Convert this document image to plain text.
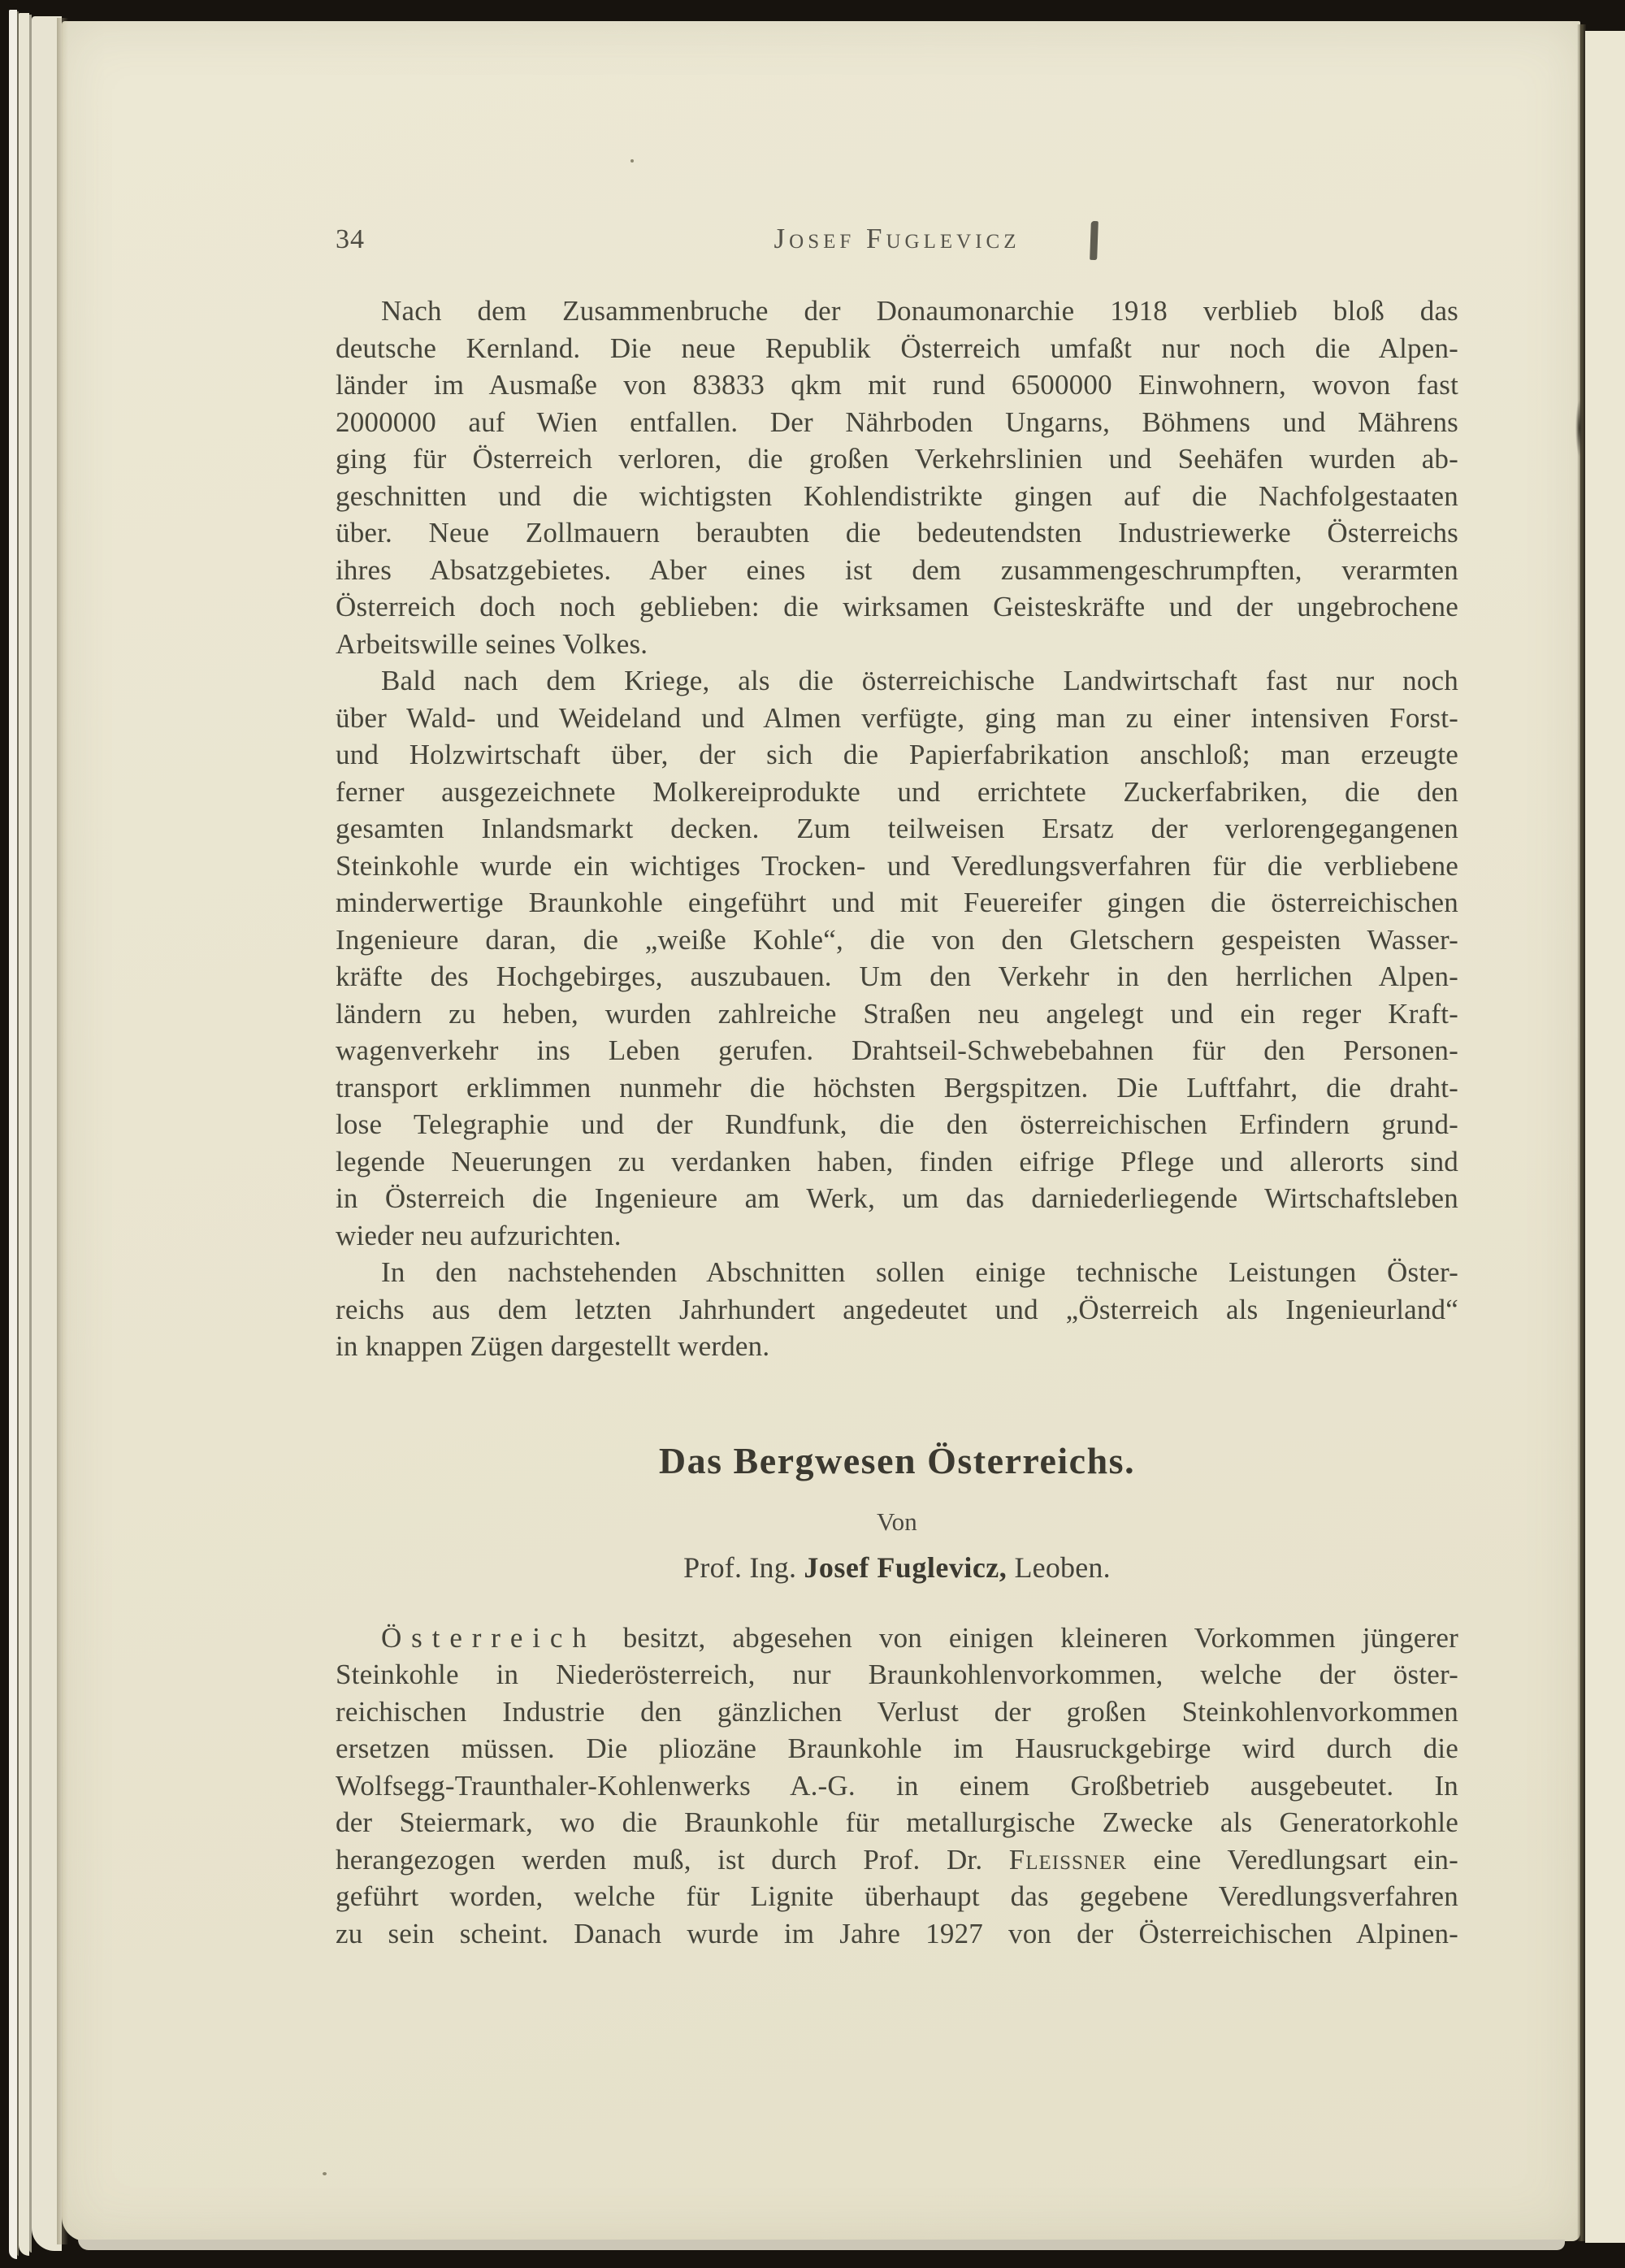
34	Josef Fuglevicz
Nach dem Zusammenbruche der Donaumonarchie 1918 verblieb bloß das
deutsche Kernland. Die neue Republik Österreich umfaßt nur noch die Alpen-
länder im Ausmaße von 83833 qkm mit rund 6500000 Einwohnern, wovon fast
2000000 auf Wien entfallen. Der Nährboden Ungarns, Böhmens und Mährens
ging für Österreich verloren, die großen Verkehrslinien und Seehäfen wurden ab-
geschnitten und die wichtigsten Kohlendistrikte gingen auf die Nachfolgestaaten
über. Neue Zollmauern beraubten die bedeutendsten Industriewerke Österreichs
ihres Absatzgebietes. Aber eines ist dem zusammengeschrumpften, verarmten
Österreich doch noch geblieben: die wirksamen Geisteskräfte und der ungebrochene
Arbeitswille seines Volkes.
Bald nach dem Kriege, als die österreichische Landwirtschaft fast nur noch
über Wald- und Weideland und Almen verfügte, ging man zu einer intensiven Forst-
und Holzwirtschaft über, der sich die Papierfabrikation anschloß; man erzeugte
ferner ausgezeichnete Molkereiprodukte und errichtete Zuckerfabriken, die den
gesamten Inlandsmarkt decken. Zum teilweisen Ersatz der verlorengegangenen
Steinkohle wurde ein wichtiges Trocken- und Veredlungsverfahren für die verbliebene
minderwertige Braunkohle eingeführt und mit Feuereifer gingen die österreichischen
Ingenieure daran, die „weiße Kohle“, die von den Gletschern gespeisten Wasser-
kräfte des Hochgebirges, auszubauen. Um den Verkehr in den herrlichen Alpen-
ländern zu heben, wurden zahlreiche Straßen neu angelegt und ein reger Kraft-
wagenverkehr ins Leben gerufen. Drahtseil-Schwebebahnen für den Personen-
transport erklimmen nunmehr die höchsten Bergspitzen. Die Luftfahrt, die draht-
lose Telegraphie und der Rundfunk, die den österreichischen Erfindern grund-
legende Neuerungen zu verdanken haben, finden eifrige Pflege und allerorts sind
in Österreich die Ingenieure am Werk, um das darniederliegende Wirtschaftsleben
wieder neu aufzurichten.
In den nachstehenden Abschnitten sollen einige technische Leistungen Öster-
reichs aus dem letzten Jahrhundert angedeutet und „Österreich als Ingenieurland“
in knappen Zügen dargestellt werden.
Das Bergwesen Österreichs.
Von
Prof. Ing. Josef Fuglevicz, Leoben.
Österreich besitzt, abgesehen von einigen kleineren Vorkommen jüngerer
Steinkohle in Niederösterreich, nur Braunkohlenvorkommen, welche der öster-
reichischen Industrie den gänzlichen Verlust der großen Steinkohlenvorkommen
ersetzen müssen. Die pliozäne Braunkohle im Hausruckgebirge wird durch die
Wolfsegg-Traunthaler-Kohlenwerks A.-G. in einem Großbetrieb ausgebeutet. In
der Steiermark, wo die Braunkohle für metallurgische Zwecke als Generatorkohle
herangezogen werden muß, ist durch Prof. Dr. Fleissner eine Veredlungsart ein-
geführt worden, welche für Lignite überhaupt das gegebene Veredlungsverfahren
zu sein scheint. Danach wurde im Jahre 1927 von der Österreichischen Alpinen-
